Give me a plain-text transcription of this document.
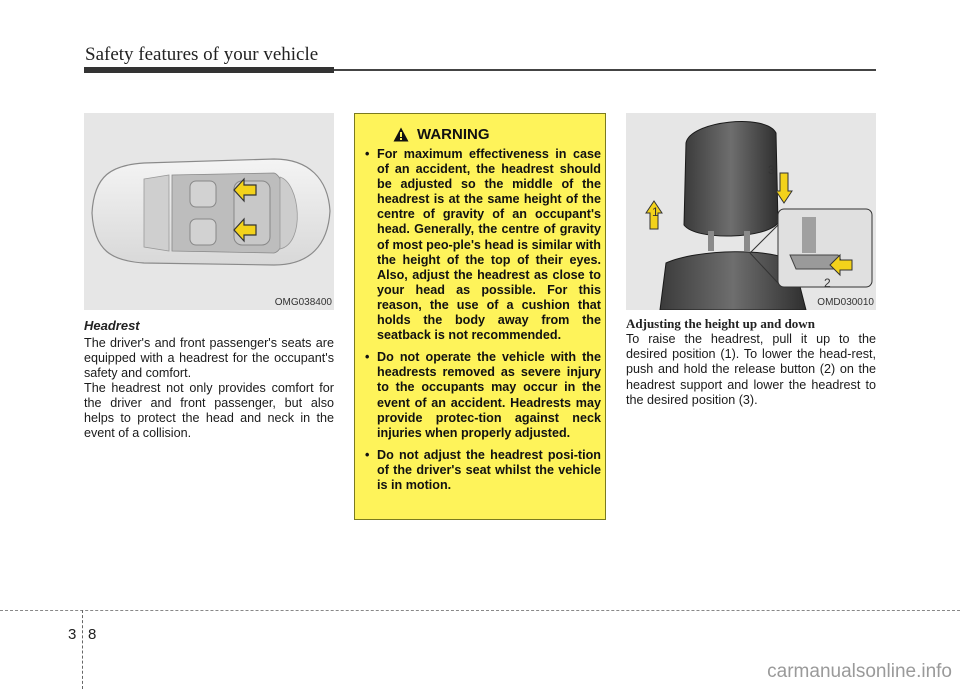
Safety features of your vehicle
OMG038400
Headrest

The driver's and front passenger's seats are equipped with a headrest for the occupant's safety and comfort.

The headrest not only provides comfort for the driver and front passenger, but also helps to protect the head and neck in the event of a collision.

WARNING
• For maximum effectiveness in case of an accident, the headrest should be adjusted so the middle of the headrest is at the same height of the centre of gravity of an occupant's head. Generally, the centre of gravity of most peo-ple's head is similar with the height of the top of their eyes. Also, adjust the headrest as close to your head as possible. For this reason, the use of a cushion that holds the body away from the seatback is not recommended.
• Do not operate the vehicle with the headrests removed as severe injury to the occupants may occur in the event of an accident. Headrests may provide protec-tion against neck injuries when properly adjusted.
• Do not adjust the headrest posi-tion of the driver's seat whilst the vehicle is in motion.
1
2
3
OMD030010
Adjusting the height up and down

To raise the headrest, pull it up to the desired position (1). To lower the head-rest, push and hold the release button (2) on the headrest support and lower the headrest to the desired position (3).

3 8
carmanualsonline.info
